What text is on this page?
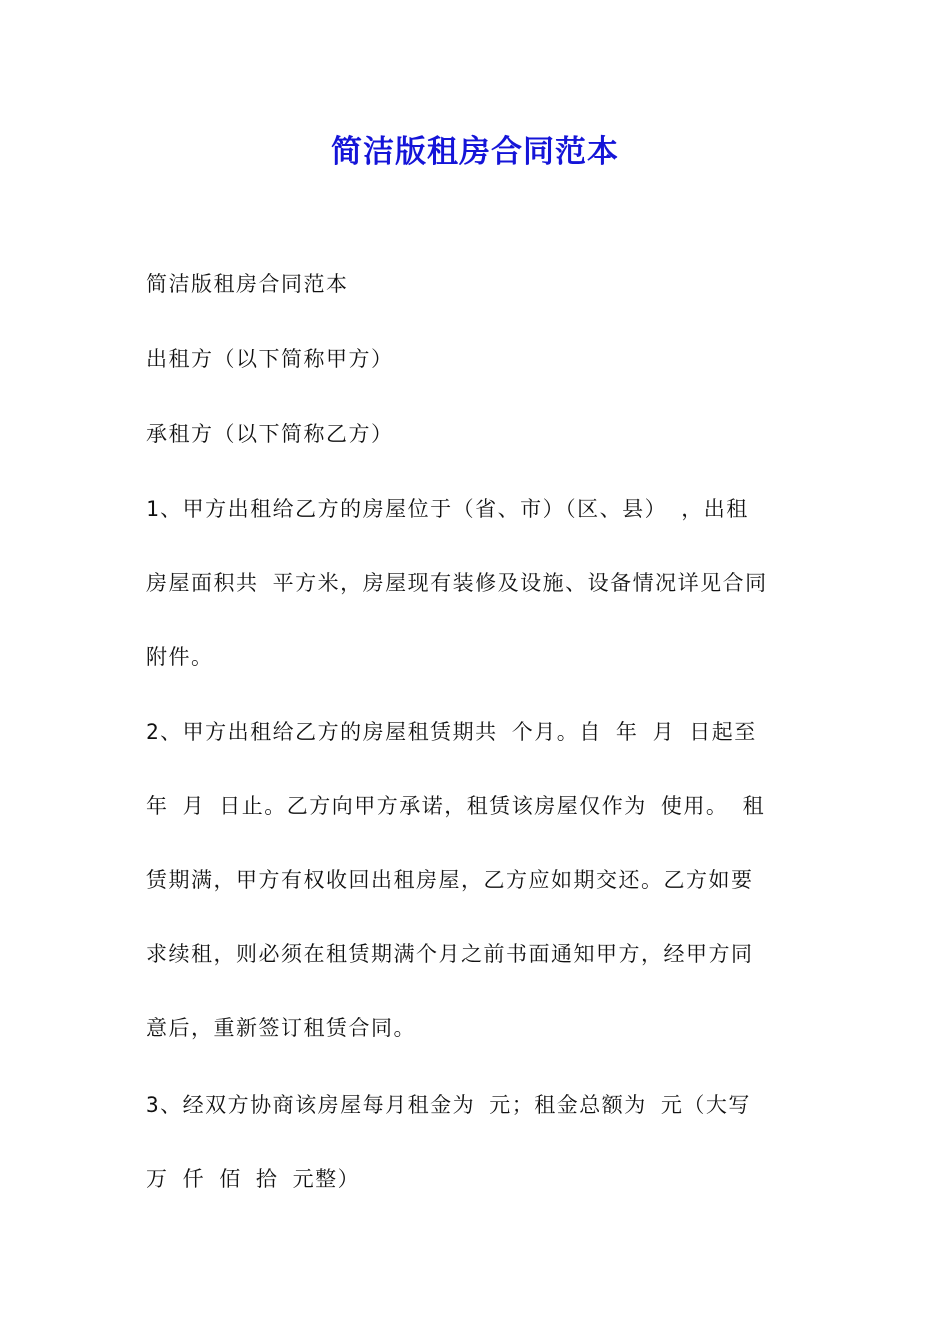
简洁版租房合同范本
简洁版租房合同范本
出租方（以下简称甲方）
承租方（以下简称乙方）
1、甲方出租给乙方的房屋位于（省、市）（区、县） ，出租
房屋面积共 平方米，房屋现有装修及设施、设备情况详见合同
附件。
2、甲方出租给乙方的房屋租赁期共 个月。自 年 月 日起至
年 月 日止。乙方向甲方承诺，租赁该房屋仅作为 使用。 租
赁期满，甲方有权收回出租房屋，乙方应如期交还。乙方如要
求续租，则必须在租赁期满个月之前书面通知甲方，经甲方同
意后，重新签订租赁合同。
3、经双方协商该房屋每月租金为 元；租金总额为 元（大写
万 仟 佰 拾 元整）
